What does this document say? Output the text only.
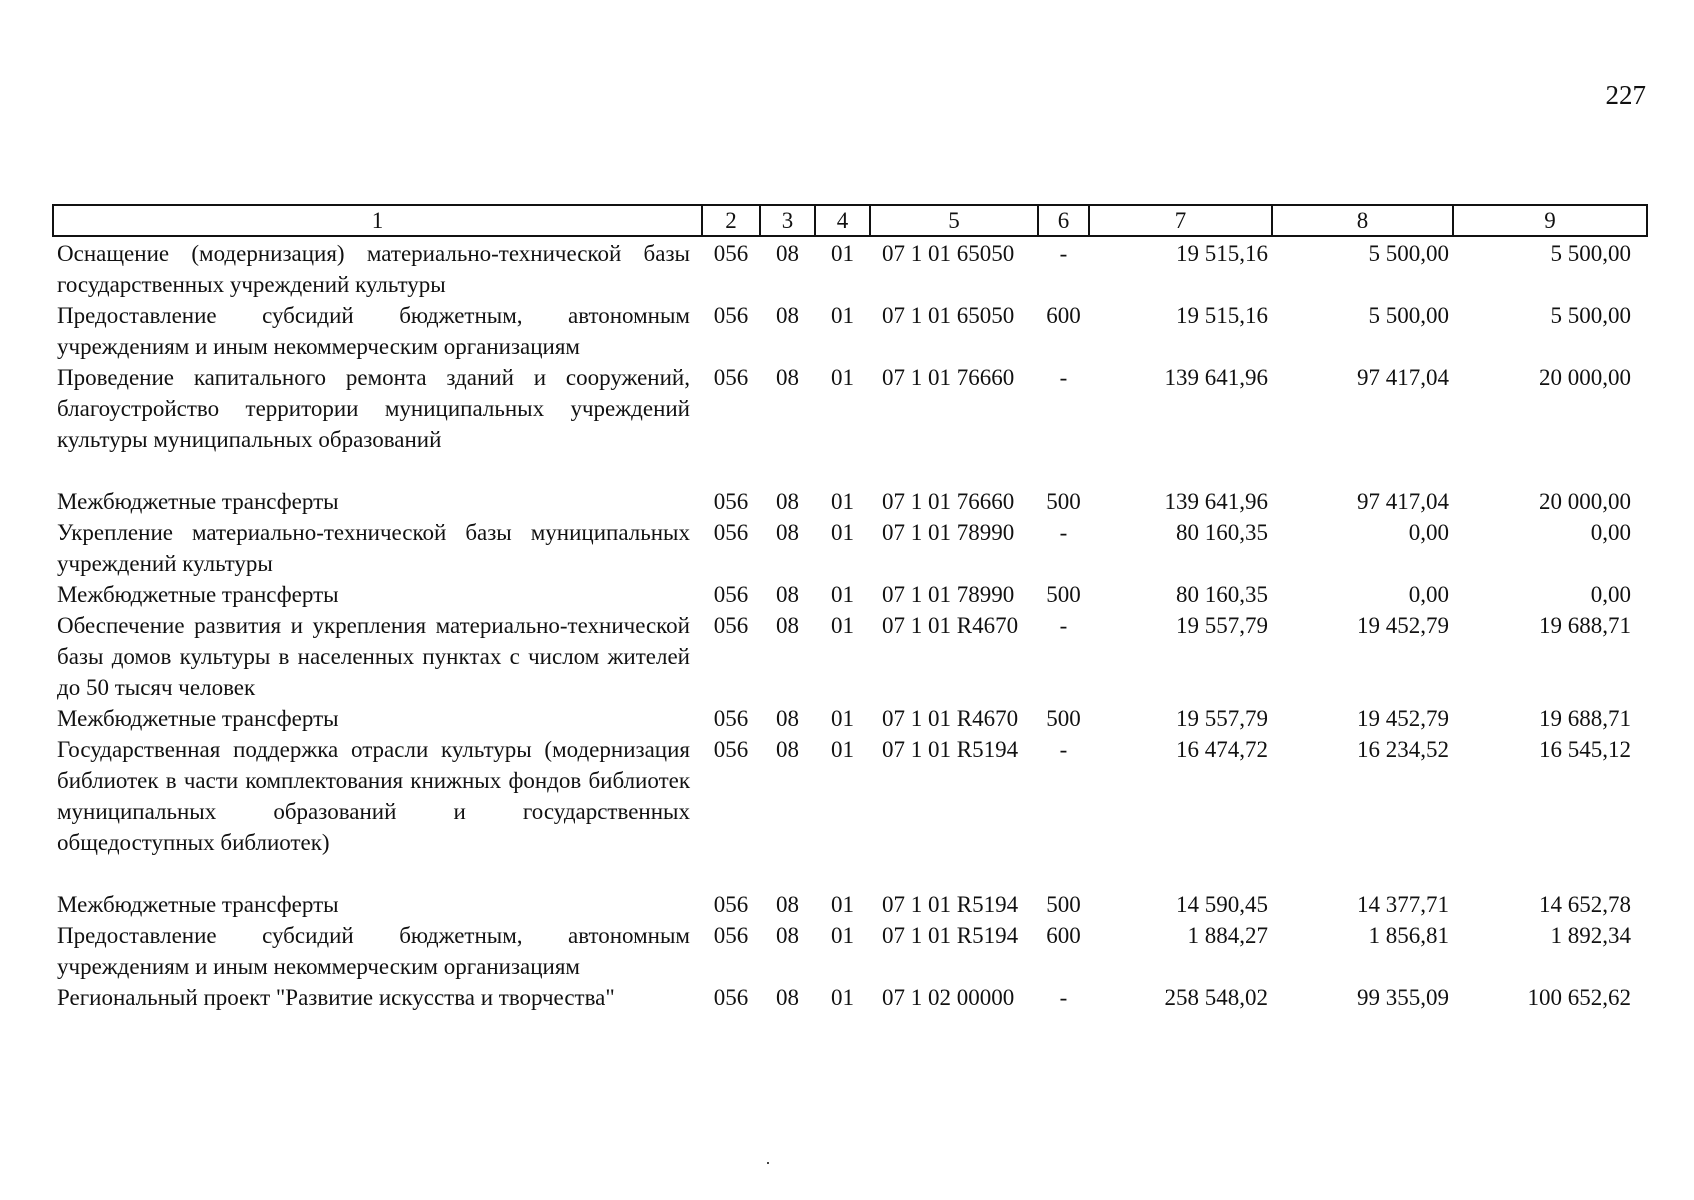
227
1	2	3	4	5	6	7	8	9
Оснащение (модернизация) материально-технической базы государственных учреждений культуры	056	08	01	07 1 01 65050	-	19 515,16	5 500,00	5 500,00
Предоставление субсидий бюджетным, автономным учреждениям и иным некоммерческим организациям	056	08	01	07 1 01 65050	600	19 515,16	5 500,00	5 500,00
Проведение капитального ремонта зданий и сооружений, благоустройство территории муниципальных учреждений культуры муниципальных образований	056	08	01	07 1 01 76660	-	139 641,96	97 417,04	20 000,00
Межбюджетные трансферты	056	08	01	07 1 01 76660	500	139 641,96	97 417,04	20 000,00
Укрепление материально-технической базы муниципальных учреждений культуры	056	08	01	07 1 01 78990	-	80 160,35	0,00	0,00
Межбюджетные трансферты	056	08	01	07 1 01 78990	500	80 160,35	0,00	0,00
Обеспечение развития и укрепления материально-технической базы домов культуры в населенных пунктах с числом жителей до 50 тысяч человек	056	08	01	07 1 01 R4670	-	19 557,79	19 452,79	19 688,71
Межбюджетные трансферты	056	08	01	07 1 01 R4670	500	19 557,79	19 452,79	19 688,71
Государственная поддержка отрасли культуры (модернизация библиотек в части комплектования книжных фондов библиотек муниципальных образований и государственных общедоступных библиотек)	056	08	01	07 1 01 R5194	-	16 474,72	16 234,52	16 545,12
Межбюджетные трансферты	056	08	01	07 1 01 R5194	500	14 590,45	14 377,71	14 652,78
Предоставление субсидий бюджетным, автономным учреждениям и иным некоммерческим организациям	056	08	01	07 1 01 R5194	600	1 884,27	1 856,81	1 892,34
Региональный проект "Развитие искусства и творчества"	056	08	01	07 1 02 00000	-	258 548,02	99 355,09	100 652,62
